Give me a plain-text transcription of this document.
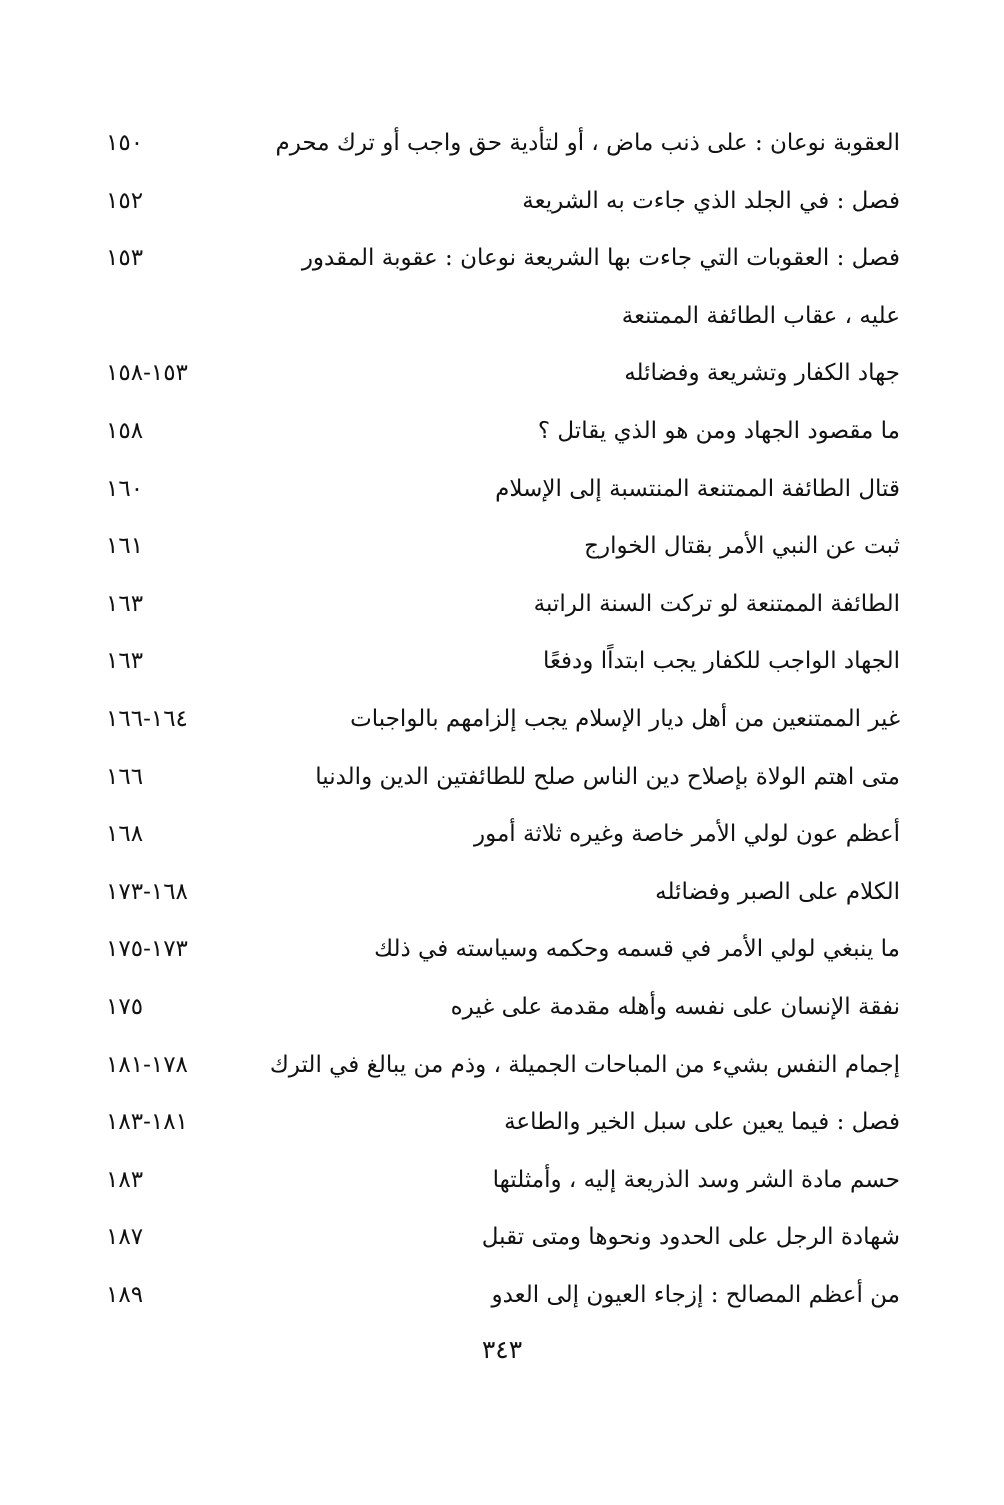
العقوبة نوعان : على ذنب ماض ، أو لتأدية حق واجب أو ترك محرم
١٥٠
فصل : في الجلد الذي جاءت به الشريعة
١٥٢
فصل : العقوبات التي جاءت بها الشريعة نوعان : عقوبة المقدور
١٥٣
عليه ، عقاب الطائفة الممتنعة
جهاد الكفار وتشريعة وفضائله
١٥٣-١٥٨
ما مقصود الجهاد ومن هو الذي يقاتل ؟
١٥٨
قتال الطائفة الممتنعة المنتسبة إلى الإسلام
١٦٠
ثبت عن النبي الأمر بقتال الخوارج
١٦١
الطائفة الممتنعة لو تركت السنة الراتبة
١٦٣
الجهاد الواجب للكفار يجب ابتداًا ودفعًا
١٦٣
غير الممتنعين من أهل ديار الإسلام يجب إلزامهم بالواجبات
١٦٤-١٦٦
متى اهتم الولاة بإصلاح دين الناس صلح للطائفتين الدين والدنيا
١٦٦
أعظم عون لولي الأمر خاصة وغيره ثلاثة أمور
١٦٨
الكلام على الصبر وفضائله
١٦٨-١٧٣
ما ينبغي لولي الأمر في قسمه وحكمه وسياسته في ذلك
١٧٣-١٧٥
نفقة الإنسان على نفسه وأهله مقدمة على غيره
١٧٥
إجمام النفس بشيء من المباحات الجميلة ، وذم من يبالغ في الترك
١٧٨-١٨١
فصل : فيما يعين على سبل الخير والطاعة
١٨١-١٨٣
حسم مادة الشر وسد الذريعة إليه ، وأمثلتها
١٨٣
شهادة الرجل على الحدود ونحوها ومتى تقبل
١٨٧
من أعظم المصالح : إزجاء العيون إلى العدو
١٨٩
٣٤٣
